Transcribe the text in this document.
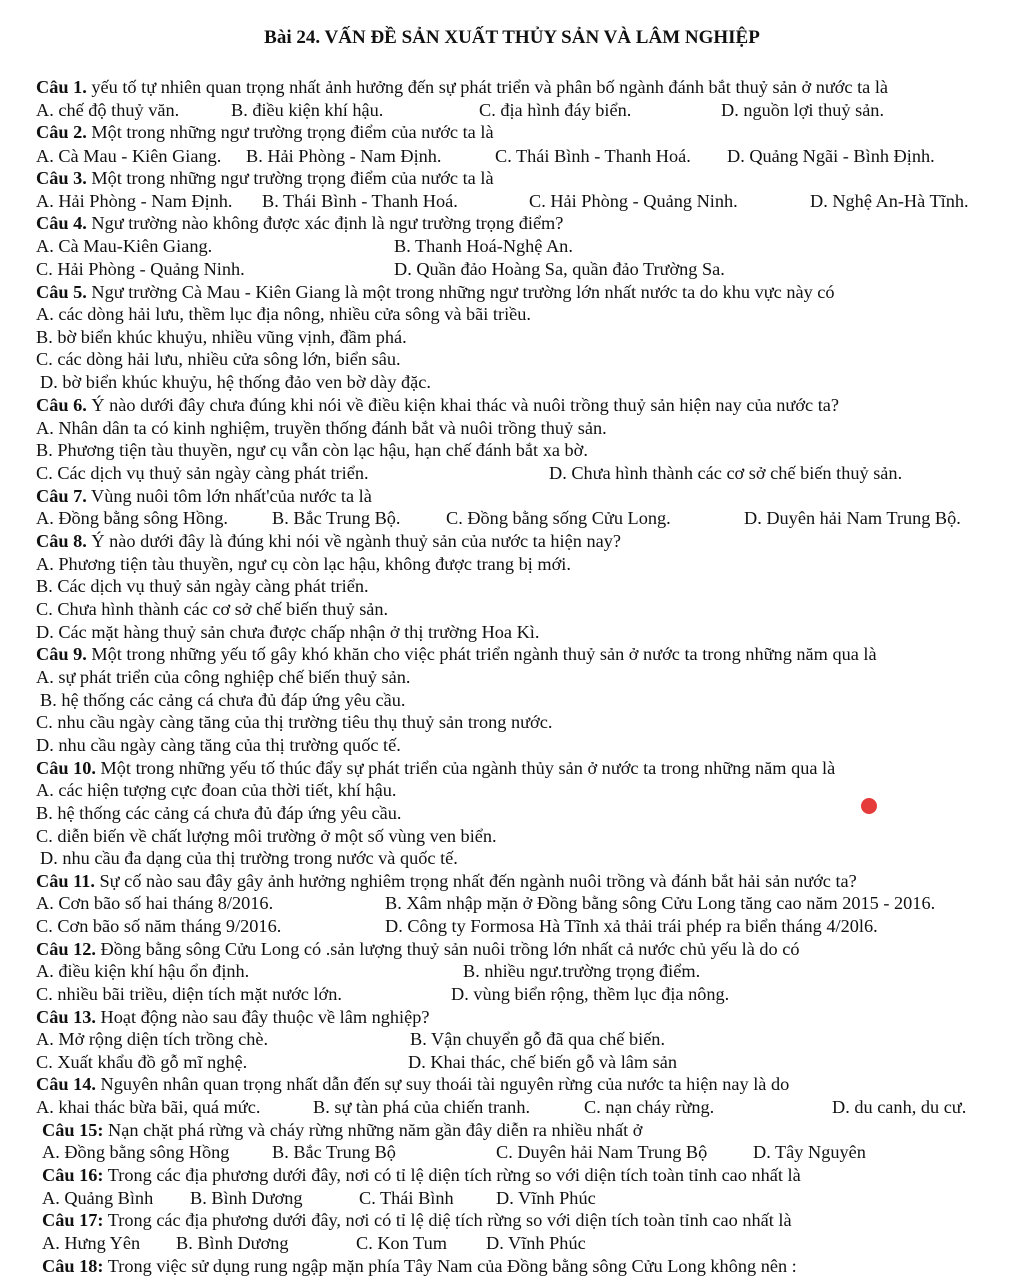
Bài 24. VẤN ĐỀ SẢN XUẤT THỦY SẢN VÀ LÂM NGHIỆP
Câu 1. yếu tố tự nhiên quan trọng nhất ảnh hưởng đến sự phát triển và phân bố ngành đánh bắt thuỷ sản ở nước ta là
A. chế độ thuỷ văn.	B. điều kiện khí hậu.	C. địa hình đáy biển.	D. nguồn lợi thuỷ sản.
Câu 2. Một trong những ngư trường trọng điểm của nước ta là
A. Cà Mau - Kiên Giang. B. Hải Phòng - Nam Định.	C. Thái Bình - Thanh Hoá. D. Quảng Ngãi - Bình Định.
Câu 3. Một trong những ngư trường trọng điểm của nước ta là
A. Hải Phòng - Nam Định. B. Thái Bình - Thanh Hoá.	C. Hải Phòng - Quảng Ninh.	D. Nghệ An-Hà Tĩnh.
Câu 4. Ngư trường nào không được xác định là ngư trường trọng điểm?
A. Cà Mau-Kiên Giang.	B. Thanh Hoá-Nghệ An.
C. Hải Phòng - Quảng Ninh.	D. Quần đảo Hoàng Sa, quần đảo Trường Sa.
Câu 5. Ngư trường Cà Mau - Kiên Giang là một trong những ngư trường lớn nhất nước ta do khu vực này có
A. các dòng hải lưu, thềm lục địa nông, nhiều cửa sông và bãi triều.
B. bờ biển khúc khuỷu, nhiều vũng vịnh, đầm phá.
C. các dòng hải lưu, nhiều cửa sông lớn, biển sâu.
D. bờ biển khúc khuỷu, hệ thống đảo ven bờ dày đặc.
Câu 6. Ý nào dưới đây chưa đúng khi nói về điều kiện khai thác và nuôi trồng thuỷ sản hiện nay của nước ta?
A. Nhân dân ta có kinh nghiệm, truyền thống đánh bắt và nuôi trồng thuỷ sản.
B. Phương tiện tàu thuyền, ngư cụ vẫn còn lạc hậu, hạn chế đánh bắt xa bờ.
C. Các dịch vụ thuỷ sản ngày càng phát triển.	D. Chưa hình thành các cơ sở chế biến thuỷ sản.
Câu 7. Vùng nuôi tôm lớn nhất'của nước ta là
A. Đồng bằng sông Hồng. B. Bắc Trung Bộ. C. Đồng bằng sống Cửu Long.	D. Duyên hải Nam Trung Bộ.
Câu 8. Ý nào dưới đây là đúng khi nói về ngành thuỷ sản của nước ta hiện nay?
A. Phương tiện tàu thuyền, ngư cụ còn lạc hậu, không được trang bị mới.
B. Các dịch vụ thuỷ sản ngày càng phát triển.
C. Chưa hình thành các cơ sở chế biến thuỷ sản.
D. Các mặt hàng thuỷ sản chưa được chấp nhận ở thị trường Hoa Kì.
Câu 9. Một trong những yếu tố gây khó khăn cho việc phát triển ngành thuỷ sản ở nước ta trong những năm qua là
A. sự phát triển của công nghiệp chế biến thuỷ sản.
B. hệ thống các cảng cá chưa đủ đáp ứng yêu cầu.
C. nhu cầu ngày càng tăng của thị trường tiêu thụ thuỷ sản trong nước.
D. nhu cầu ngày càng tăng của thị trường quốc tế.
Câu 10. Một trong những yếu tố thúc đẩy sự phát triển của ngành thủy sản ở nước ta trong những năm qua là
A. các hiện tượng cực đoan của thời tiết, khí hậu.
B. hệ thống các cảng cá chưa đủ đáp ứng yêu cầu.
C. diễn biến về chất lượng môi trường ở một số vùng ven biển.
D. nhu cầu đa dạng của thị trường trong nước và quốc tế.
Câu 11. Sự cố nào sau đây gây ảnh hưởng nghiêm trọng nhất đến ngành nuôi trồng và đánh bắt hải sản nước ta?
A. Cơn bão số hai tháng 8/2016.	B. Xâm nhập mặn ở Đồng bằng sông Cửu Long tăng cao năm 2015 - 2016.
C. Cơn bão số năm tháng 9/2016.	D. Công ty Formosa Hà Tĩnh xả thải trái phép ra biển tháng 4/20l6.
Câu 12. Đồng bằng sông Cửu Long có .sản lượng thuỷ sản nuôi trồng lớn nhất cả nước chủ yếu là do có
A. điều kiện khí hậu ổn định.	B. nhiều ngư.trường trọng điểm.
C. nhiều bãi triều, diện tích mặt nước lớn.	D. vùng biển rộng, thềm lục địa nông.
Câu 13. Hoạt động nào sau đây thuộc về lâm nghiệp?
A. Mở rộng diện tích trồng chè.	B. Vận chuyển gỗ đã qua chế biến.
C. Xuất khẩu đồ gỗ mĩ nghệ.	D. Khai thác, chế biến gỗ và lâm sản
Câu 14. Nguyên nhân quan trọng nhất dẫn đến sự suy thoái tài nguyên rừng của nước ta hiện nay là do
A. khai thác bừa bãi, quá mức.	B. sự tàn phá của chiến tranh.	C. nạn cháy rừng.	D. du canh, du cư.
Câu 15: Nạn chặt phá rừng và cháy rừng những năm gần đây diễn ra nhiều nhất ở
A. Đồng bằng sông Hồng B. Bắc Trung Bộ	C. Duyên hải Nam Trung Bộ D. Tây Nguyên
Câu 16: Trong các địa phương dưới đây, nơi có tỉ lệ diện tích rừng so với diện tích toàn tỉnh cao nhất là
A. Quảng Bình B. Bình Dương	C. Thái Bình D. Vĩnh Phúc
Câu 17: Trong các địa phương dưới đây, nơi có tỉ lệ diệ tích rừng so với diện tích toàn tỉnh cao nhất là
A. Hưng Yên B. Bình Dương	C. Kon Tum D. Vĩnh Phúc
Câu 18: Trong việc sử dụng rung ngập mặn phía Tây Nam của Đồng bằng sông Cửu Long không nên :
